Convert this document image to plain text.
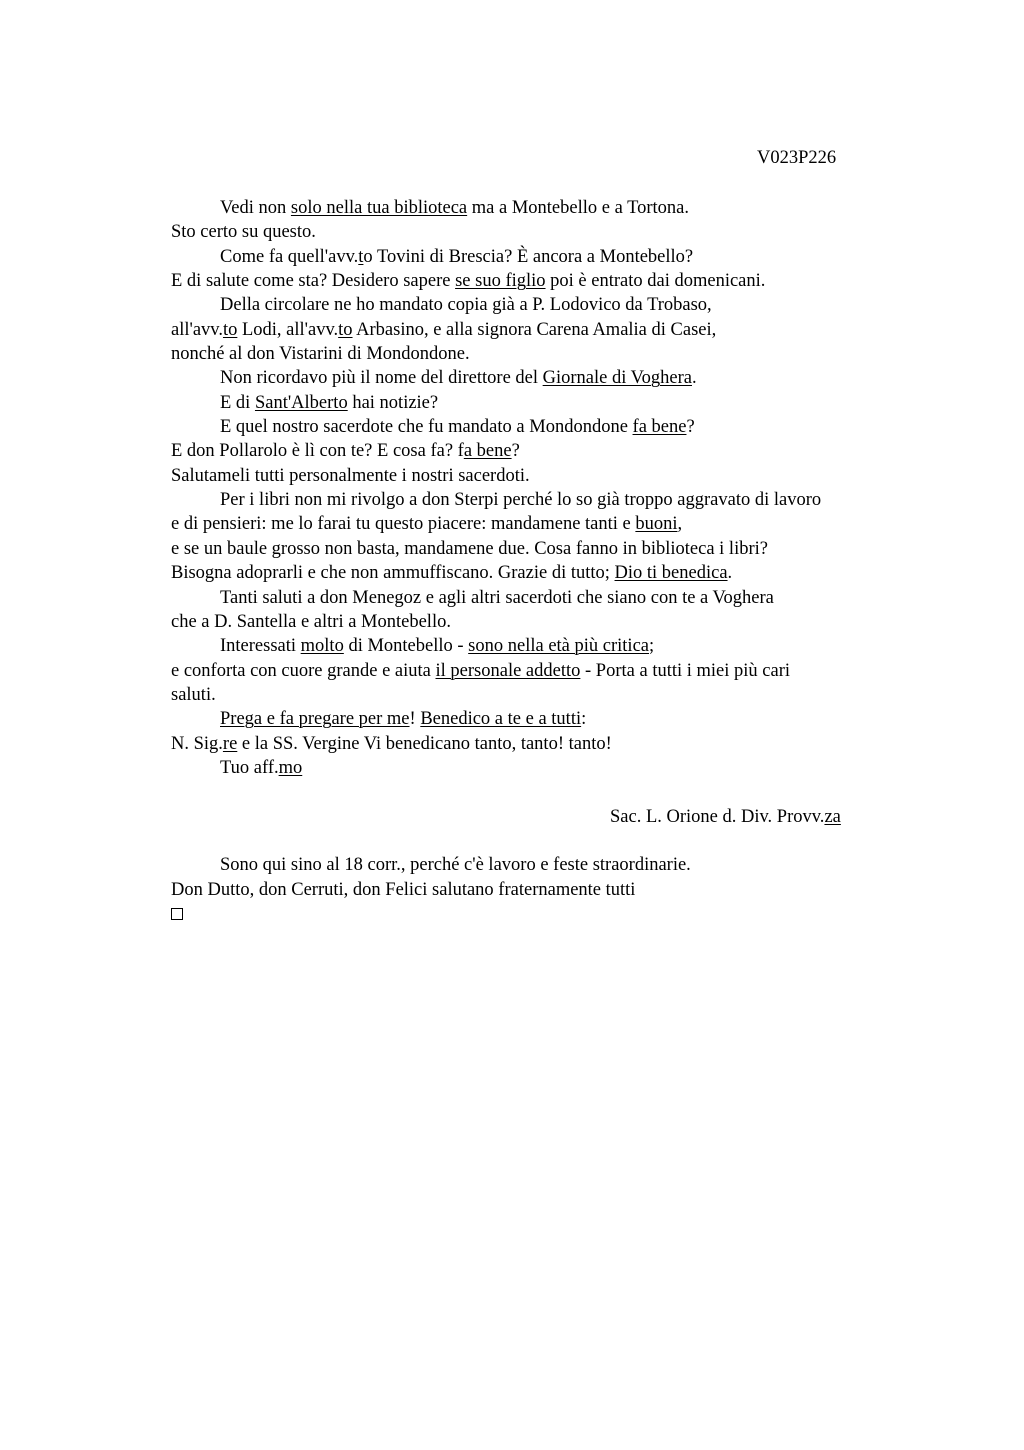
V023P226
Vedi non solo nella tua biblioteca ma a Montebello e a Tortona.
Sto certo su questo.
Come fa quell'avv.to Tovini di Brescia? È ancora a Montebello?
E di salute come sta? Desidero sapere se suo figlio poi è entrato dai domenicani.
Della circolare ne ho mandato copia già a P. Lodovico da Trobaso,
all'avv.to Lodi, all'avv.to Arbasino, e alla signora Carena Amalia di Casei,
nonché al don Vistarini di Mondondone.
Non ricordavo più il nome del direttore del Giornale di Voghera.
E di Sant'Alberto hai notizie?
E quel nostro sacerdote che fu mandato a Mondondone fa bene?
E don Pollarolo è lì con te? E cosa fa? fa bene?
Salutameli tutti personalmente i nostri sacerdoti.
Per i libri non mi rivolgo a don Sterpi perché lo so già troppo aggravato di lavoro
e di pensieri: me lo farai tu questo piacere: mandamene tanti e buoni,
e se un baule grosso non basta, mandamene due. Cosa fanno in biblioteca i libri?
Bisogna adoprarli e che non ammuffiscano. Grazie di tutto; Dio ti benedica.
Tanti saluti a don Menegoz e agli altri sacerdoti che siano con te a Voghera
che a D. Santella e altri a Montebello.
Interessati molto di Montebello - sono nella età più critica;
e conforta con cuore grande e aiuta il personale addetto - Porta a tutti i miei più cari
saluti.
Prega e fa pregare per me! Benedico a te e a tutti:
N. Sig.re e la SS. Vergine Vi benedicano tanto, tanto! tanto!
Tuo aff.mo
Sac. L. Orione d. Div. Provv.za
Sono qui sino al 18 corr., perché c'è lavoro e feste straordinarie.
Don Dutto, don Cerruti, don Felici salutano fraternamente tutti
